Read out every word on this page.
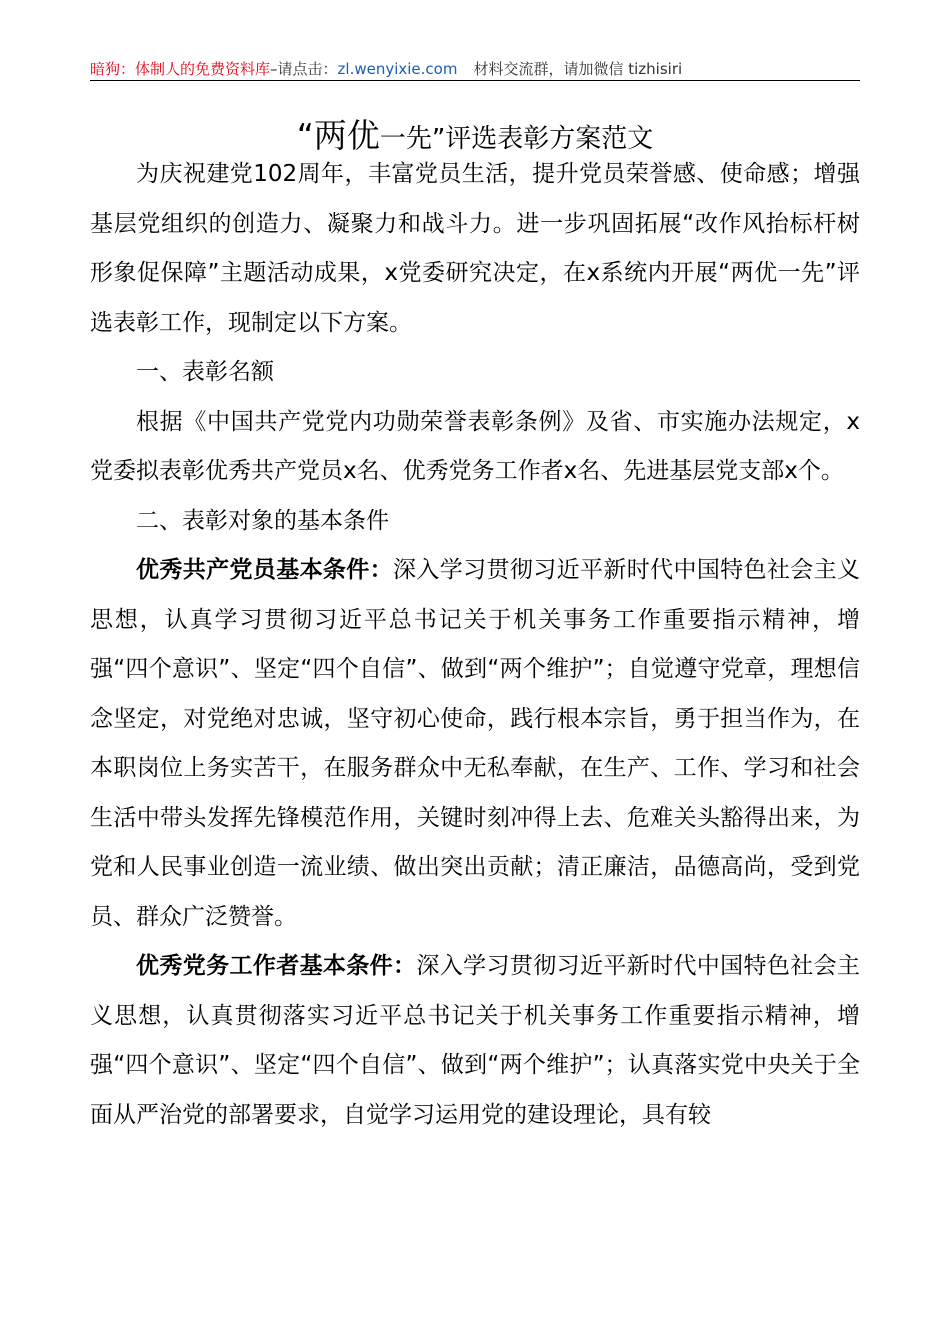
暗狗：体制人的免费资料库–请点击：zl.wenyixie.com 材料交流群，请加微信 tizhisiri
“两优一先”评选表彰方案范文

为庆祝建党102周年，丰富党员生活，提升党员荣誉感、使命感；增强基层党组织的创造力、凝聚力和战斗力。进一步巩固拓展“改作风抬标杆树形象促保障”主题活动成果，x党委研究决定，在x系统内开展“两优一先”评选表彰工作，现制定以下方案。

一、表彰名额

根据《中国共产党党内功勋荣誉表彰条例》及省、市实施办法规定，x党委拟表彰优秀共产党员x名、优秀党务工作者x名、先进基层党支部x个。

二、表彰对象的基本条件

优秀共产党员基本条件：深入学习贯彻习近平新时代中国特色社会主义思想，认真学习贯彻习近平总书记关于机关事务工作重要指示精神，增强“四个意识”、坚定“四个自信”、做到“两个维护”；自觉遵守党章，理想信念坚定，对党绝对忠诚，坚守初心使命，践行根本宗旨，勇于担当作为，在本职岗位上务实苦干，在服务群众中无私奉献，在生产、工作、学习和社会生活中带头发挥先锋模范作用，关键时刻冲得上去、危难关头豁得出来，为党和人民事业创造一流业绩、做出突出贡献；清正廉洁，品德高尚，受到党员、群众广泛赞誉。

优秀党务工作者基本条件：深入学习贯彻习近平新时代中国特色社会主义思想，认真贯彻落实习近平总书记关于机关事务工作重要指示精神，增强“四个意识”、坚定“四个自信”、做到“两个维护”；认真落实党中央关于全面从严治党的部署要求，自觉学习运用党的建设理论，具有较
